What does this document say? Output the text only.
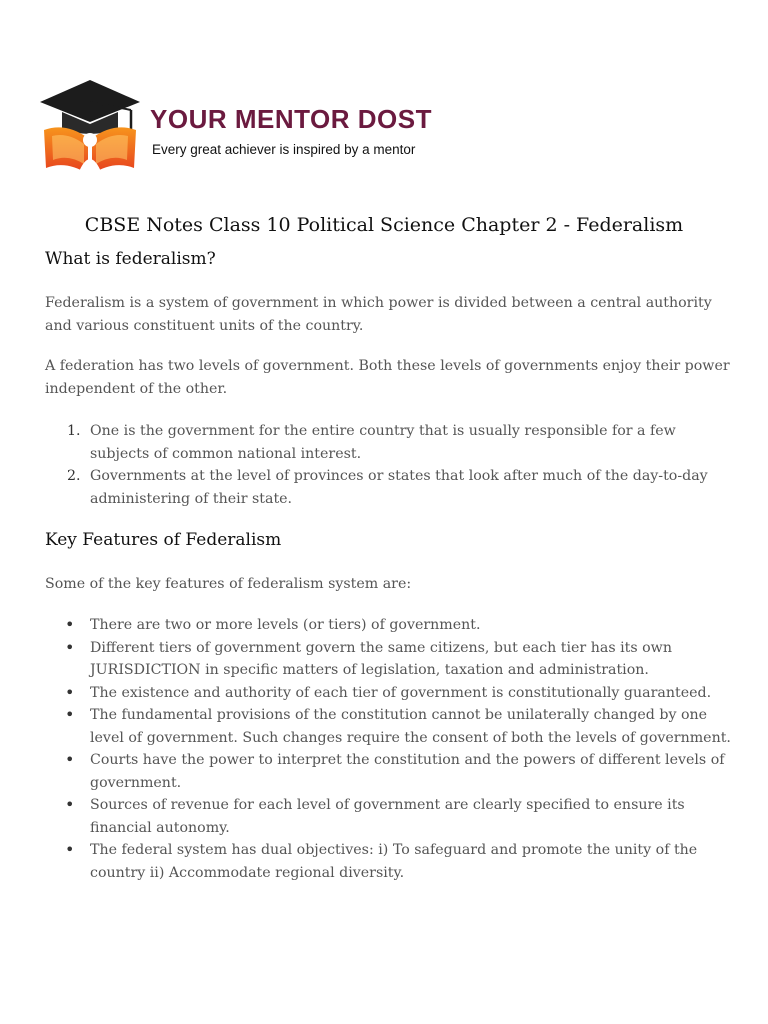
YOUR MENTOR DOST
Every great achiever is inspired by a mentor
CBSE Notes Class 10 Political Science Chapter 2 - Federalism
What is federalism?

Federalism is a system of government in which power is divided between a central authority and various constituent units of the country.

A federation has two levels of government. Both these levels of governments enjoy their power independent of the other.

1. One is the government for the entire country that is usually responsible for a few subjects of common national interest.
2. Governments at the level of provinces or states that look after much of the day-to-day administering of their state.
Key Features of Federalism

Some of the key features of federalism system are:

• There are two or more levels (or tiers) of government.
• Different tiers of government govern the same citizens, but each tier has its own JURISDICTION in specific matters of legislation, taxation and administration.
• The existence and authority of each tier of government is constitutionally guaranteed.
• The fundamental provisions of the constitution cannot be unilaterally changed by one level of government. Such changes require the consent of both the levels of government.
• Courts have the power to interpret the constitution and the powers of different levels of government.
• Sources of revenue for each level of government are clearly specified to ensure its financial autonomy.
• The federal system has dual objectives: i) To safeguard and promote the unity of the country ii) Accommodate regional diversity.
